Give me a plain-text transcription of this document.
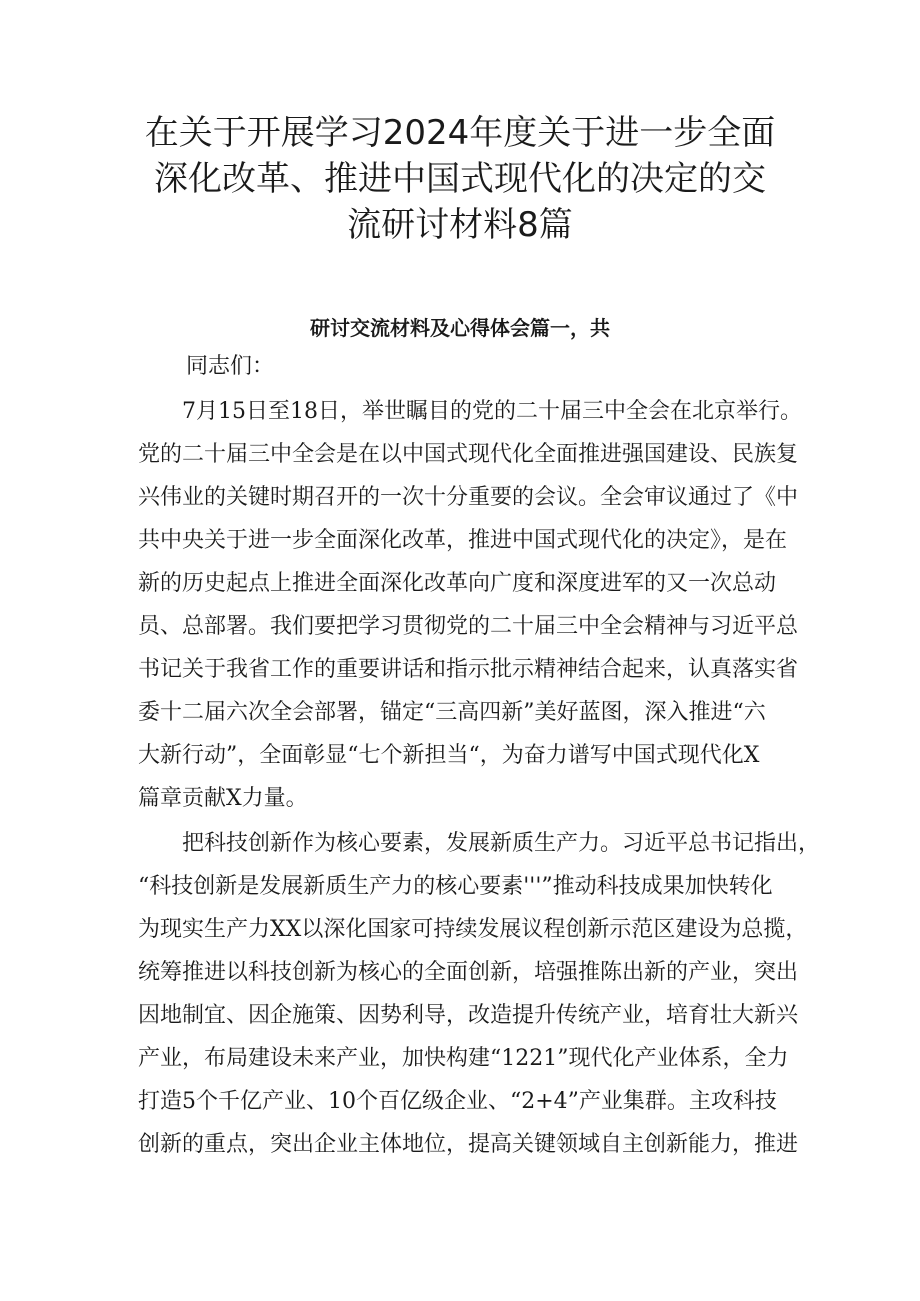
在关于开展学习2024年度关于进一步全面
深化改革、推进中国式现代化的决定的交
流研讨材料8篇
研讨交流材料及心得体会篇一，共
同志们：
7月15日至18日，举世瞩目的党的二十届三中全会在北京举行。
党的二十届三中全会是在以中国式现代化全面推进强国建设、民族复
兴伟业的关键时期召开的一次十分重要的会议。全会审议通过了《中
共中央关于进一步全面深化改革，推进中国式现代化的决定》，是在
新的历史起点上推进全面深化改革向广度和深度进军的又一次总动
员、总部署。我们要把学习贯彻党的二十届三中全会精神与习近平总
书记关于我省工作的重要讲话和指示批示精神结合起来，认真落实省
委十二届六次全会部署，锚定“三高四新”美好蓝图，深入推进“六
大新行动”，全面彰显“七个新担当“，为奋力谱写中国式现代化X
篇章贡献X力量。
把科技创新作为核心要素，发展新质生产力。习近平总书记指出，
“科技创新是发展新质生产力的核心要素'''”推动科技成果加快转化
为现实生产力XX以深化国家可持续发展议程创新示范区建设为总揽，
统筹推进以科技创新为核心的全面创新，培强推陈出新的产业，突出
因地制宜、因企施策、因势利导，改造提升传统产业，培育壮大新兴
产业，布局建设未来产业，加快构建“1221”现代化产业体系，全力
打造5个千亿产业、10个百亿级企业、“2+4”产业集群。主攻科技
创新的重点，突出企业主体地位，提高关键领域自主创新能力，推进
